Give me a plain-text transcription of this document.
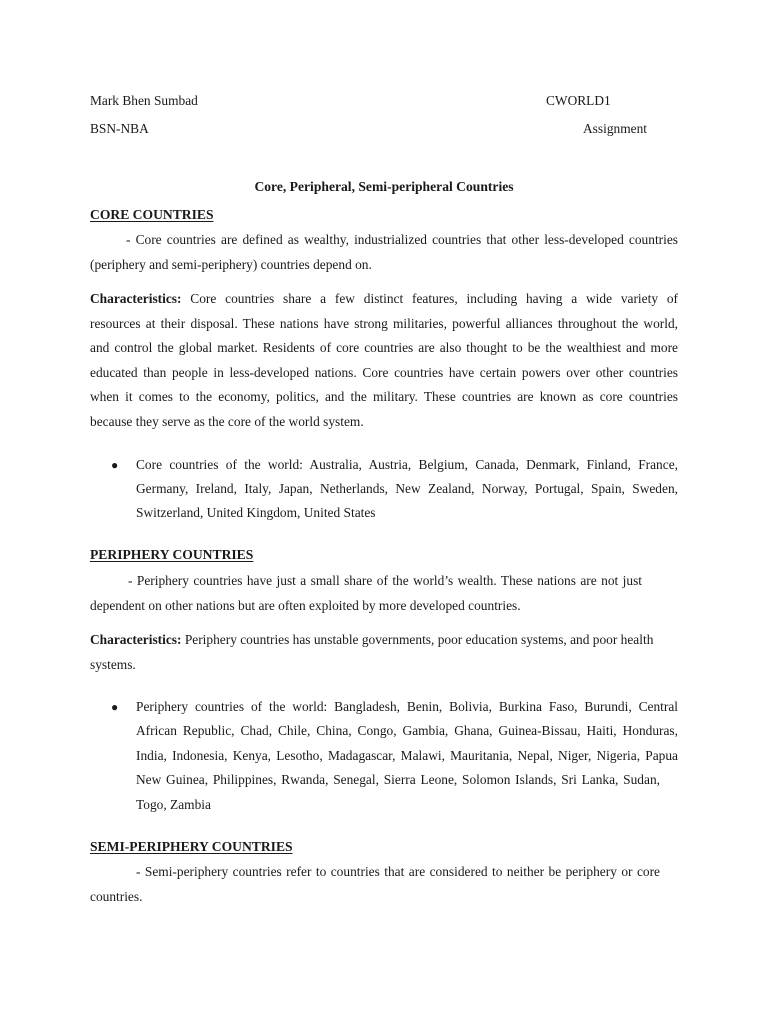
Mark Bhen Sumbad	CWORLD1
BSN-NBA	Assignment
Core, Peripheral, Semi-peripheral Countries
CORE COUNTRIES
- Core countries are defined as wealthy, industrialized countries that other less-developed countries
(periphery and semi-periphery) countries depend on.
Characteristics: Core countries share a few distinct features, including having a wide variety of
resources at their disposal. These nations have strong militaries, powerful alliances throughout the world,
and control the global market. Residents of core countries are also thought to be the wealthiest and more
educated than people in less-developed nations. Core countries have certain powers over other countries
when it comes to the economy, politics, and the military. These countries are known as core countries
because they serve as the core of the world system.
● Core countries of the world: Australia, Austria, Belgium, Canada, Denmark, Finland, France,
Germany, Ireland, Italy, Japan, Netherlands, New Zealand, Norway, Portugal, Spain, Sweden,
Switzerland, United Kingdom, United States
PERIPHERY COUNTRIES
- Periphery countries have just a small share of the world’s wealth. These nations are not just
dependent on other nations but are often exploited by more developed countries.
Characteristics: Periphery countries has unstable governments, poor education systems, and poor health
systems.
● Periphery countries of the world: Bangladesh, Benin, Bolivia, Burkina Faso, Burundi, Central
African Republic, Chad, Chile, China, Congo, Gambia, Ghana, Guinea-Bissau, Haiti, Honduras,
India, Indonesia, Kenya, Lesotho, Madagascar, Malawi, Mauritania, Nepal, Niger, Nigeria, Papua
New Guinea, Philippines, Rwanda, Senegal, Sierra Leone, Solomon Islands, Sri Lanka, Sudan,
Togo, Zambia
SEMI-PERIPHERY COUNTRIES
- Semi-periphery countries refer to countries that are considered to neither be periphery or core
countries.
